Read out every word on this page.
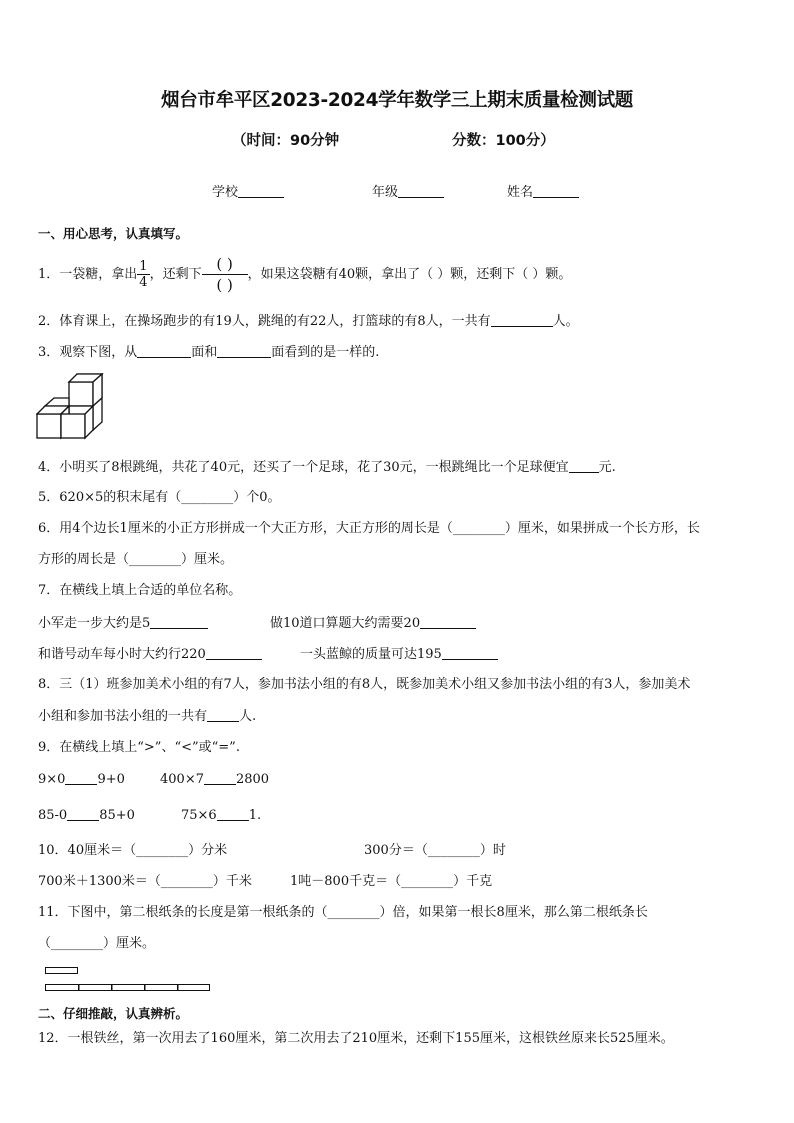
烟台市牟平区2023-2024学年数学三上期末质量检测试题
（时间：90分钟	分数：100分）
学校	年级	姓名
一、用心思考，认真填写。
1．一袋糖，拿出 $\frac{1}{4}$ ，还剩下
( )
( )
，如果这袋糖有40颗，拿出了（ ）颗，还剩下（ ）颗。
2．体育课上，在操场跑步的有19人，跳绳的有22人，打篮球的有8人，一共有	人。
3．观察下图，从	面和	面看到的是一样的.
4．小明买了8根跳绳，共花了40元，还买了一个足球，花了30元，一根跳绳比一个足球便宜 元.
5．620×5的积末尾有（________）个0。
6．用4个边长1厘米的小正方形拼成一个大正方形，大正方形的周长是（________）厘米，如果拼成一个长方形，长
方形的周长是（________）厘米。
7．在横线上填上合适的单位名称。
小军走一步大约是5	做10道口算题大约需要20
和谐号动车每小时大约行220	一头蓝鲸的质量可达195
8．三（1）班参加美术小组的有7人，参加书法小组的有8人，既参加美术小组又参加书法小组的有3人，参加美术
小组和参加书法小组的一共有 人.
9．在横线上填上“>”、“<”或“=”.
9×0 9+0	400×7 2800
85-0 85+0	75×6 1.
10．40厘米＝（________）分米	300分＝（________）时
700米＋1300米＝（________）千米	1吨－800千克＝（________）千克
11．下图中，第二根纸条的长度是第一根纸条的（________）倍，如果第一根长8厘米，那么第二根纸条长
（________）厘米。
二、仔细推敲，认真辨析。
12．一根铁丝，第一次用去了160厘米，第二次用去了210厘米，还剩下155厘米，这根铁丝原来长525厘米。
